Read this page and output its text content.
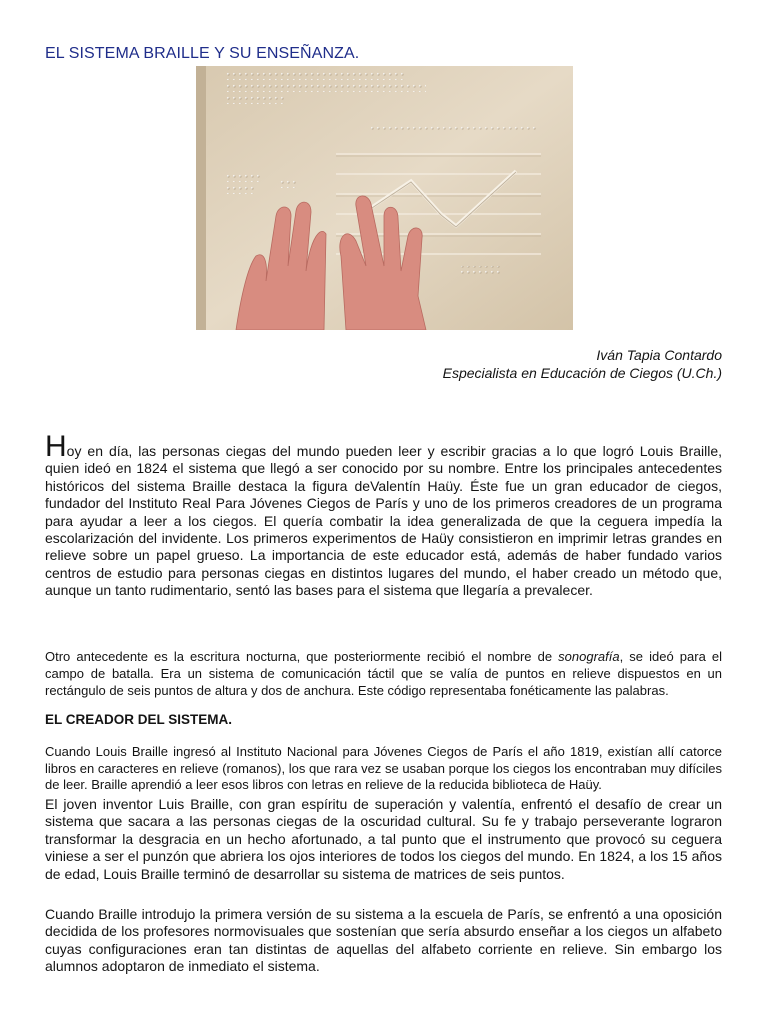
EL SISTEMA BRAILLE Y SU ENSEÑANZA.
Iván Tapia Contardo
Especialista en Educación de Ciegos (U.Ch.)

Hoy en día, las personas ciegas del mundo pueden leer y escribir gracias a lo que logró Louis Braille, quien ideó en 1824 el sistema que llegó a ser conocido por su nombre. Entre los principales antecedentes históricos del sistema Braille destaca la figura deValentín Haüy. Éste fue un gran educador de ciegos, fundador del Instituto Real Para Jóvenes Ciegos de París y uno de los primeros creadores de un programa para ayudar a leer a los ciegos. El quería combatir la idea generalizada de que la ceguera impedía la escolarización del invidente. Los primeros experimentos de Haüy consistieron en imprimir letras grandes en relieve sobre un papel grueso. La importancia de este educador está, además de haber fundado varios centros de estudio para personas ciegas en distintos lugares del mundo, el haber creado un método que, aunque un tanto rudimentario, sentó las bases para el sistema que llegaría a prevalecer.

Otro antecedente es la escritura nocturna, que posteriormente recibió el nombre de sonografía, se ideó para el campo de batalla. Era un sistema de comunicación táctil que se valía de puntos en relieve dispuestos en un rectángulo de seis puntos de altura y dos de anchura. Este código representaba fonéticamente las palabras.

EL CREADOR DEL SISTEMA.

Cuando Louis Braille ingresó al Instituto Nacional para Jóvenes Ciegos de París el año 1819, existían allí catorce libros en caracteres en relieve (romanos), los que rara vez se usaban porque los ciegos los encontraban muy difíciles de leer. Braille aprendió a leer esos libros con letras en relieve de la reducida biblioteca de Haüy.

El joven inventor Luis Braille, con gran espíritu de superación y valentía, enfrentó el desafío de crear un sistema que sacara a las personas ciegas de la oscuridad cultural. Su fe y trabajo perseverante lograron transformar la desgracia en un hecho afortunado, a tal punto que el instrumento que provocó su ceguera viniese a ser el punzón que abriera los ojos interiores de todos los ciegos del mundo. En 1824, a los 15 años de edad, Louis Braille terminó de desarrollar su sistema de matrices de seis puntos.

Cuando Braille introdujo la primera versión de su sistema a la escuela de París, se enfrentó a una oposición decidida de los profesores normovisuales que sostenían que sería absurdo enseñar a los ciegos un alfabeto cuyas configuraciones eran tan distintas de aquellas del alfabeto corriente en relieve. Sin embargo los alumnos adoptaron de inmediato el sistema.
